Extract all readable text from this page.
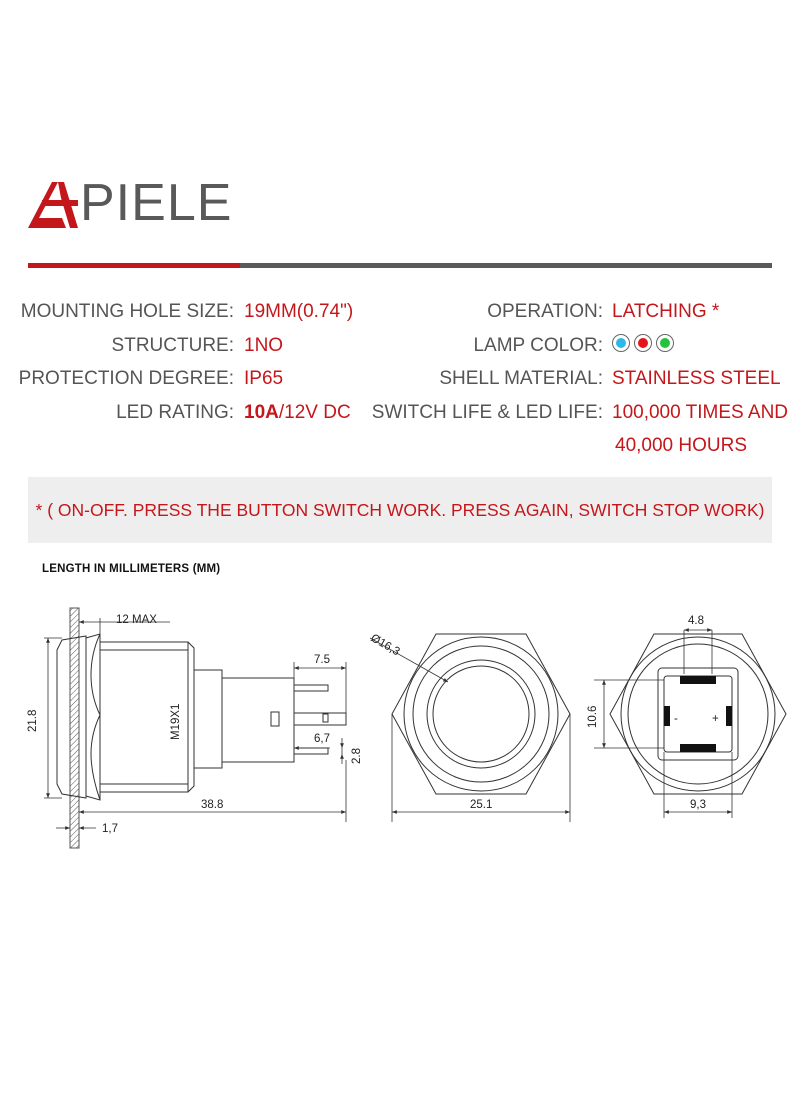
PIELE
MOUNTING HOLE SIZE: 19MM(0.74")
STRUCTURE: 1NO
PROTECTION DEGREE: IP65
LED RATING: 10A/12V DC
OPERATION: LATCHING *
LAMP COLOR:
SHELL MATERIAL: STAINLESS STEEL
SWITCH LIFE & LED LIFE: 100,000 TIMES AND
40,000 HOURS
* ( ON-OFF. PRESS THE BUTTON SWITCH WORK. PRESS AGAIN, SWITCH STOP WORK)
LENGTH IN MILLIMETERS (MM)
12 MAX
7.5
21.8	M19X1	6,7
2.8
38.8
1,7
Ø16,3
25.1
4.8
10.6
9,3
-	+
